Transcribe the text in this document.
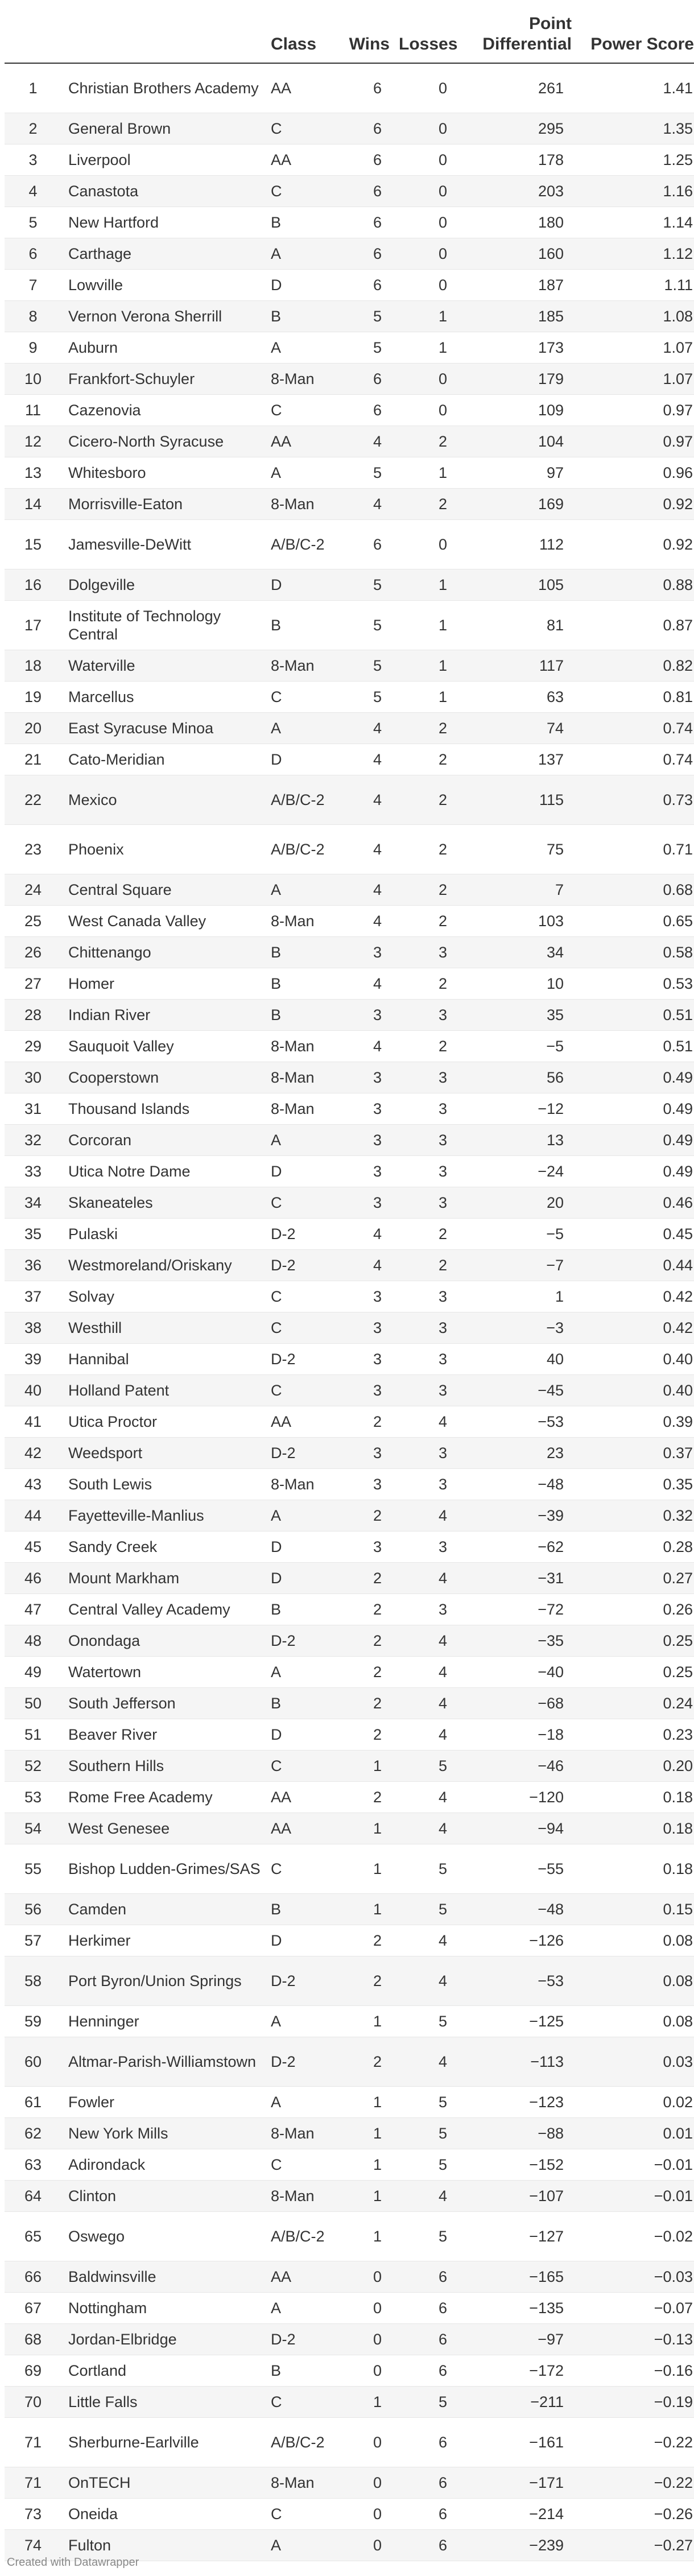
		Class	Wins	Losses	Point Differential	Power Score
1	Christian Brothers Academy	AA	6	0	261	1.41
2	General Brown	C	6	0	295	1.35
3	Liverpool	AA	6	0	178	1.25
4	Canastota	C	6	0	203	1.16
5	New Hartford	B	6	0	180	1.14
6	Carthage	A	6	0	160	1.12
7	Lowville	D	6	0	187	1.11
8	Vernon Verona Sherrill	B	5	1	185	1.08
9	Auburn	A	5	1	173	1.07
10	Frankfort-Schuyler	8-Man	6	0	179	1.07
11	Cazenovia	C	6	0	109	0.97
12	Cicero-North Syracuse	AA	4	2	104	0.97
13	Whitesboro	A	5	1	97	0.96
14	Morrisville-Eaton	8-Man	4	2	169	0.92
15	Jamesville-DeWitt	A/B/C-2	6	0	112	0.92
16	Dolgeville	D	5	1	105	0.88
17	Institute of Technology Central	B	5	1	81	0.87
18	Waterville	8-Man	5	1	117	0.82
19	Marcellus	C	5	1	63	0.81
20	East Syracuse Minoa	A	4	2	74	0.74
21	Cato-Meridian	D	4	2	137	0.74
22	Mexico	A/B/C-2	4	2	115	0.73
23	Phoenix	A/B/C-2	4	2	75	0.71
24	Central Square	A	4	2	7	0.68
25	West Canada Valley	8-Man	4	2	103	0.65
26	Chittenango	B	3	3	34	0.58
27	Homer	B	4	2	10	0.53
28	Indian River	B	3	3	35	0.51
29	Sauquoit Valley	8-Man	4	2	−5	0.51
30	Cooperstown	8-Man	3	3	56	0.49
31	Thousand Islands	8-Man	3	3	−12	0.49
32	Corcoran	A	3	3	13	0.49
33	Utica Notre Dame	D	3	3	−24	0.49
34	Skaneateles	C	3	3	20	0.46
35	Pulaski	D-2	4	2	−5	0.45
36	Westmoreland/Oriskany	D-2	4	2	−7	0.44
37	Solvay	C	3	3	1	0.42
38	Westhill	C	3	3	−3	0.42
39	Hannibal	D-2	3	3	40	0.40
40	Holland Patent	C	3	3	−45	0.40
41	Utica Proctor	AA	2	4	−53	0.39
42	Weedsport	D-2	3	3	23	0.37
43	South Lewis	8-Man	3	3	−48	0.35
44	Fayetteville-Manlius	A	2	4	−39	0.32
45	Sandy Creek	D	3	3	−62	0.28
46	Mount Markham	D	2	4	−31	0.27
47	Central Valley Academy	B	2	3	−72	0.26
48	Onondaga	D-2	2	4	−35	0.25
49	Watertown	A	2	4	−40	0.25
50	South Jefferson	B	2	4	−68	0.24
51	Beaver River	D	2	4	−18	0.23
52	Southern Hills	C	1	5	−46	0.20
53	Rome Free Academy	AA	2	4	−120	0.18
54	West Genesee	AA	1	4	−94	0.18
55	Bishop Ludden-Grimes/SAS	C	1	5	−55	0.18
56	Camden	B	1	5	−48	0.15
57	Herkimer	D	2	4	−126	0.08
58	Port Byron/Union Springs	D-2	2	4	−53	0.08
59	Henninger	A	1	5	−125	0.08
60	Altmar-Parish-Williamstown	D-2	2	4	−113	0.03
61	Fowler	A	1	5	−123	0.02
62	New York Mills	8-Man	1	5	−88	0.01
63	Adirondack	C	1	5	−152	−0.01
64	Clinton	8-Man	1	4	−107	−0.01
65	Oswego	A/B/C-2	1	5	−127	−0.02
66	Baldwinsville	AA	0	6	−165	−0.03
67	Nottingham	A	0	6	−135	−0.07
68	Jordan-Elbridge	D-2	0	6	−97	−0.13
69	Cortland	B	0	6	−172	−0.16
70	Little Falls	C	1	5	−211	−0.19
71	Sherburne-Earlville	A/B/C-2	0	6	−161	−0.22
71	OnTECH	8-Man	0	6	−171	−0.22
73	Oneida	C	0	6	−214	−0.26
74	Fulton	A	0	6	−239	−0.27
Created with Datawrapper
